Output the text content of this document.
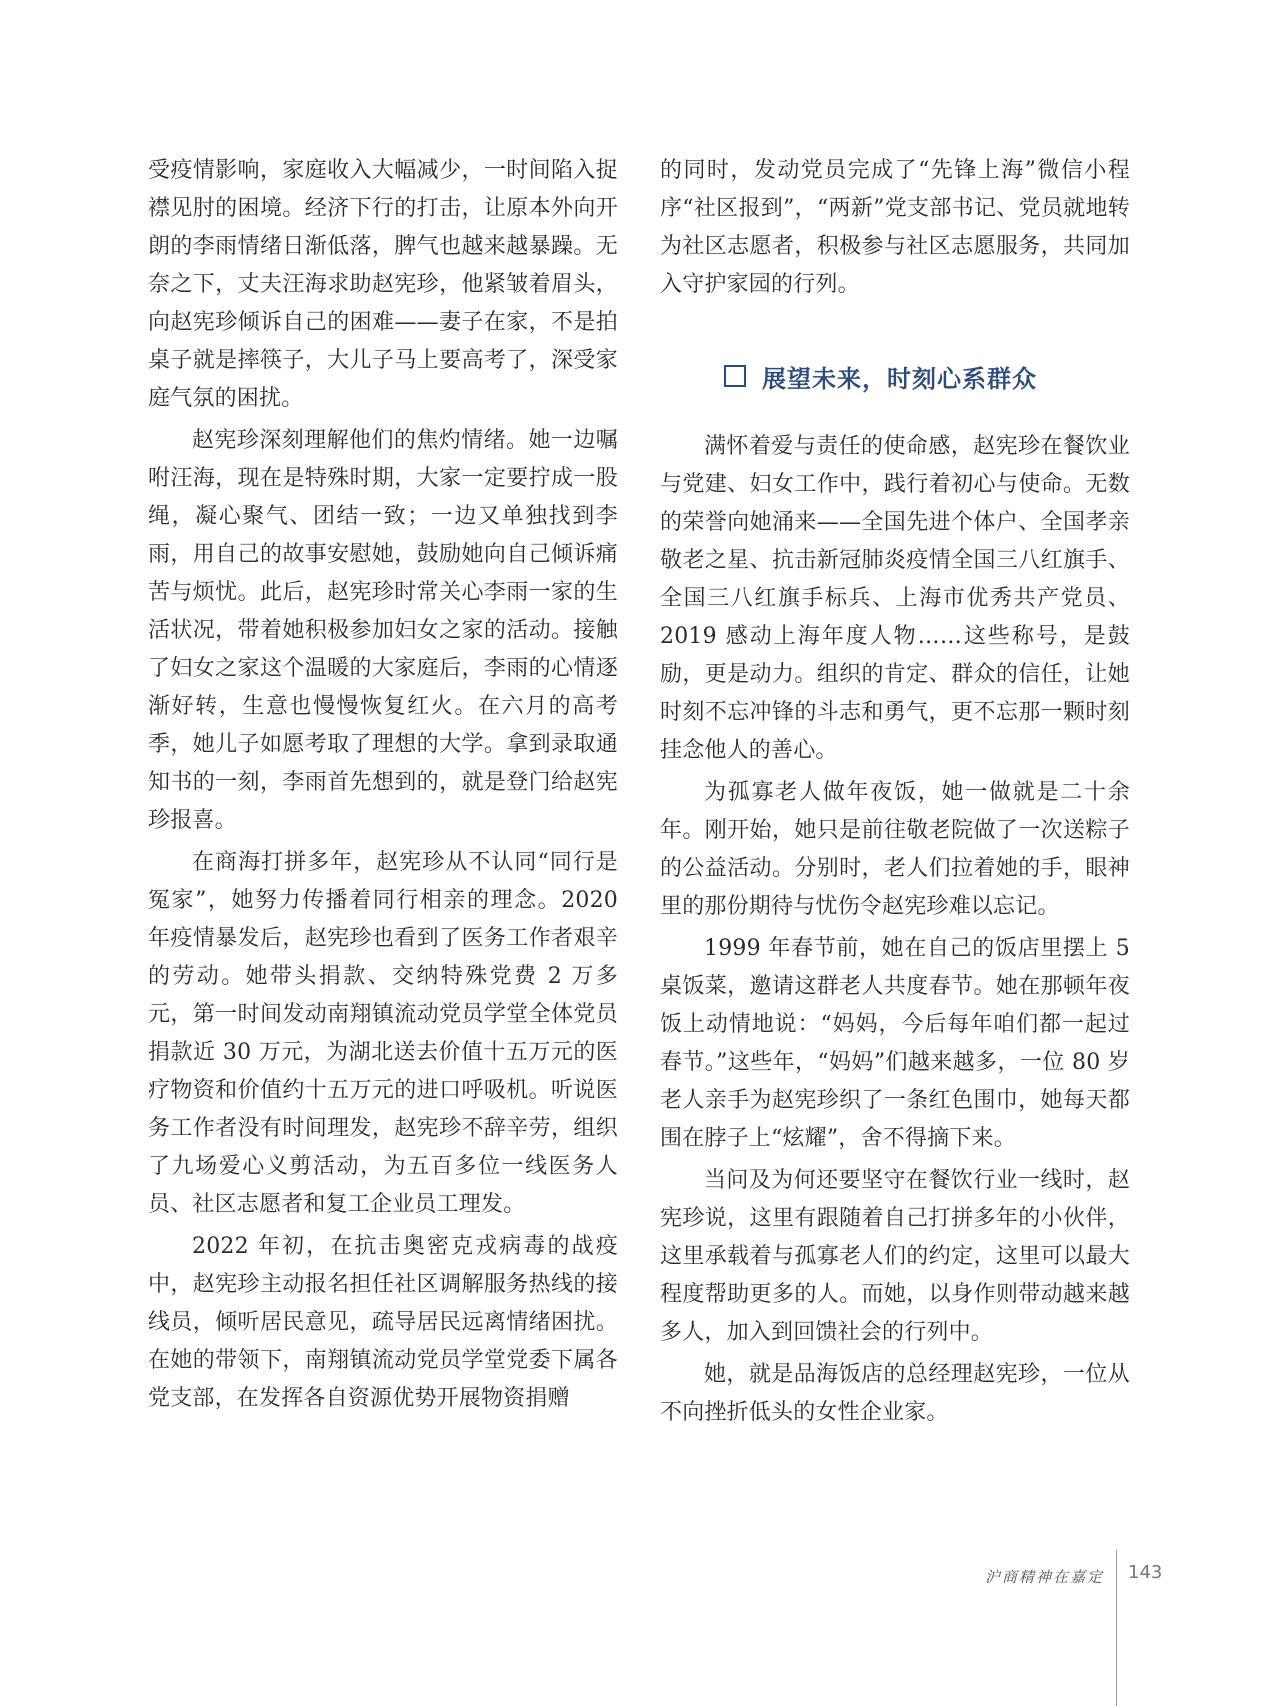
受疫情影响，家庭收入大幅减少，一时间陷入捉襟见肘的困境。经济下行的打击，让原本外向开朗的李雨情绪日渐低落，脾气也越来越暴躁。无奈之下，丈夫汪海求助赵宪珍，他紧皱着眉头，向赵宪珍倾诉自己的困难——妻子在家，不是拍桌子就是摔筷子，大儿子马上要高考了，深受家庭气氛的困扰。

赵宪珍深刻理解他们的焦灼情绪。她一边嘱咐汪海，现在是特殊时期，大家一定要拧成一股绳，凝心聚气、团结一致；一边又单独找到李雨，用自己的故事安慰她，鼓励她向自己倾诉痛苦与烦忧。此后，赵宪珍时常关心李雨一家的生活状况，带着她积极参加妇女之家的活动。接触了妇女之家这个温暖的大家庭后，李雨的心情逐渐好转，生意也慢慢恢复红火。在六月的高考季，她儿子如愿考取了理想的大学。拿到录取通知书的一刻，李雨首先想到的，就是登门给赵宪珍报喜。

在商海打拼多年，赵宪珍从不认同“同行是冤家”，她努力传播着同行相亲的理念。2020 年疫情暴发后，赵宪珍也看到了医务工作者艰辛的劳动。她带头捐款、交纳特殊党费 2 万多元，第一时间发动南翔镇流动党员学堂全体党员捐款近 30 万元，为湖北送去价值十五万元的医疗物资和价值约十五万元的进口呼吸机。听说医务工作者没有时间理发，赵宪珍不辞辛劳，组织了九场爱心义剪活动，为五百多位一线医务人员、社区志愿者和复工企业员工理发。

2022 年初，在抗击奥密克戎病毒的战疫中，赵宪珍主动报名担任社区调解服务热线的接线员，倾听居民意见，疏导居民远离情绪困扰。在她的带领下，南翔镇流动党员学堂党委下属各党支部，在发挥各自资源优势开展物资捐赠

的同时，发动党员完成了“先锋上海”微信小程序“社区报到”，“两新”党支部书记、党员就地转为社区志愿者，积极参与社区志愿服务，共同加入守护家园的行列。

展望未来，时刻心系群众

满怀着爱与责任的使命感，赵宪珍在餐饮业与党建、妇女工作中，践行着初心与使命。无数的荣誉向她涌来——全国先进个体户、全国孝亲敬老之星、抗击新冠肺炎疫情全国三八红旗手、全国三八红旗手标兵、上海市优秀共产党员、2019 感动上海年度人物……这些称号，是鼓励，更是动力。组织的肯定、群众的信任，让她时刻不忘冲锋的斗志和勇气，更不忘那一颗时刻挂念他人的善心。

为孤寡老人做年夜饭，她一做就是二十余年。刚开始，她只是前往敬老院做了一次送粽子的公益活动。分别时，老人们拉着她的手，眼神里的那份期待与忧伤令赵宪珍难以忘记。

1999 年春节前，她在自己的饭店里摆上 5 桌饭菜，邀请这群老人共度春节。她在那顿年夜饭上动情地说：“妈妈，今后每年咱们都一起过春节。”这些年，“妈妈”们越来越多，一位 80 岁老人亲手为赵宪珍织了一条红色围巾，她每天都围在脖子上“炫耀”，舍不得摘下来。

当问及为何还要坚守在餐饮行业一线时，赵宪珍说，这里有跟随着自己打拼多年的小伙伴，这里承载着与孤寡老人们的约定，这里可以最大程度帮助更多的人。而她，以身作则带动越来越多人，加入到回馈社会的行列中。

她，就是品海饭店的总经理赵宪珍，一位从不向挫折低头的女性企业家。

沪商精神在嘉定 143
